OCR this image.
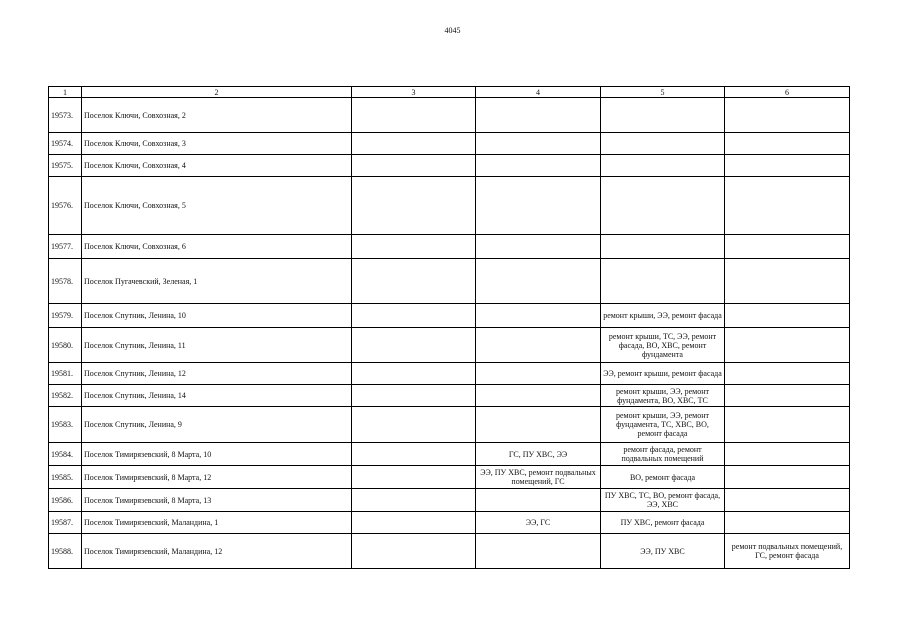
4045
1	2	3	4	5	6
19573.	Поселок Ключи, Совхозная, 2				
19574.	Поселок Ключи, Совхозная, 3				
19575.	Поселок Ключи, Совхозная, 4				
19576.	Поселок Ключи, Совхозная, 5				
19577.	Поселок Ключи, Совхозная, 6				
19578.	Поселок Пугачевский, Зеленая, 1				
19579.	Поселок Спутник, Ленина, 10			ремонт крыши, ЭЭ, ремонт фасада	
19580.	Поселок Спутник, Ленина, 11			ремонт крыши, ТС, ЭЭ, ремонт фасада, ВО, ХВС, ремонт фундамента	
19581.	Поселок Спутник, Ленина, 12			ЭЭ, ремонт крыши, ремонт фасада	
19582.	Поселок Спутник, Ленина, 14			ремонт крыши, ЭЭ, ремонт фундамента, ВО, ХВС, ТС	
19583.	Поселок Спутник, Ленина, 9			ремонт крыши, ЭЭ, ремонт фундамента, ТС, ХВС, ВО, ремонт фасада	
19584.	Поселок Тимирязевский, 8 Марта, 10		ГС, ПУ ХВС, ЭЭ	ремонт фасада, ремонт подвальных помещений	
19585.	Поселок Тимирязевский, 8 Марта, 12		ЭЭ, ПУ ХВС, ремонт подвальных помещений, ГС	ВО, ремонт фасада	
19586.	Поселок Тимирязевский, 8 Марта, 13			ПУ ХВС, ТС, ВО, ремонт фасада, ЭЭ, ХВС	
19587.	Поселок Тимирязевский, Маландина, 1		ЭЭ, ГС	ПУ ХВС, ремонт фасада	
19588.	Поселок Тимирязевский, Маландина, 12			ЭЭ, ПУ ХВС	ремонт подвальных помещений, ГС, ремонт фасада
